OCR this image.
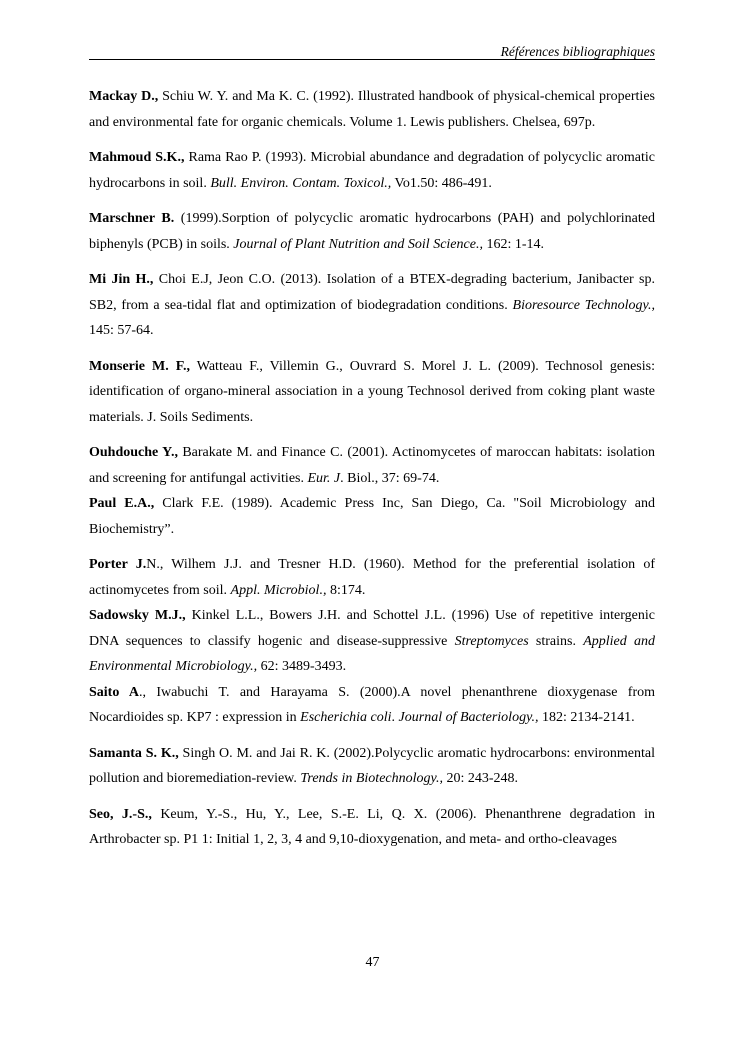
Références bibliographiques

Mackay D., Schiu W. Y. and Ma K. C. (1992). Illustrated handbook of physical-chemical properties and environmental fate for organic chemicals. Volume 1. Lewis publishers. Chelsea, 697p.

Mahmoud S.K., Rama Rao P. (1993). Microbial abundance and degradation of polycyclic aromatic hydrocarbons in soil. Bull. Environ. Contam. Toxicol., Vo1.50: 486-491.

Marschner B. (1999).Sorption of polycyclic aromatic hydrocarbons (PAH) and polychlorinated biphenyls (PCB) in soils. Journal of Plant Nutrition and Soil Science., 162: 1-14.

Mi Jin H., Choi E.J, Jeon C.O. (2013). Isolation of a BTEX-degrading bacterium, Janibacter sp. SB2, from a sea-tidal flat and optimization of biodegradation conditions. Bioresource Technology., 145: 57-64.

Monserie M. F., Watteau F., Villemin G., Ouvrard S. Morel J. L. (2009). Technosol genesis: identification of organo-mineral association in a young Technosol derived from coking plant waste materials. J. Soils Sediments.

Ouhdouche Y., Barakate M. and Finance C. (2001). Actinomycetes of maroccan habitats: isolation and screening for antifungal activities. Eur. J. Biol., 37: 69-74.

Paul E.A., Clark F.E. (1989). Academic Press Inc, San Diego, Ca. "Soil Microbiology and Biochemistry”.

Porter J.N., Wilhem J.J. and Tresner H.D. (1960). Method for the preferential isolation of actinomycetes from soil. Appl. Microbiol., 8:174.

Sadowsky M.J., Kinkel L.L., Bowers J.H. and Schottel J.L. (1996) Use of repetitive intergenic DNA sequences to classify hogenic and disease-suppressive Streptomyces strains. Applied and Environmental Microbiology., 62: 3489-3493.

Saito A., Iwabuchi T. and Harayama S. (2000).A novel phenanthrene dioxygenase from Nocardioides sp. KP7 : expression in Escherichia coli. Journal of Bacteriology., 182: 2134-2141.

Samanta S. K., Singh O. M. and Jai R. K. (2002).Polycyclic aromatic hydrocarbons: environmental pollution and bioremediation-review. Trends in Biotechnology., 20: 243-248.

Seo, J.-S., Keum, Y.-S., Hu, Y., Lee, S.-E. Li, Q. X. (2006). Phenanthrene degradation in Arthrobacter sp. P1 1: Initial 1, 2, 3, 4 and 9,10-dioxygenation, and meta- and ortho-cleavages

47
